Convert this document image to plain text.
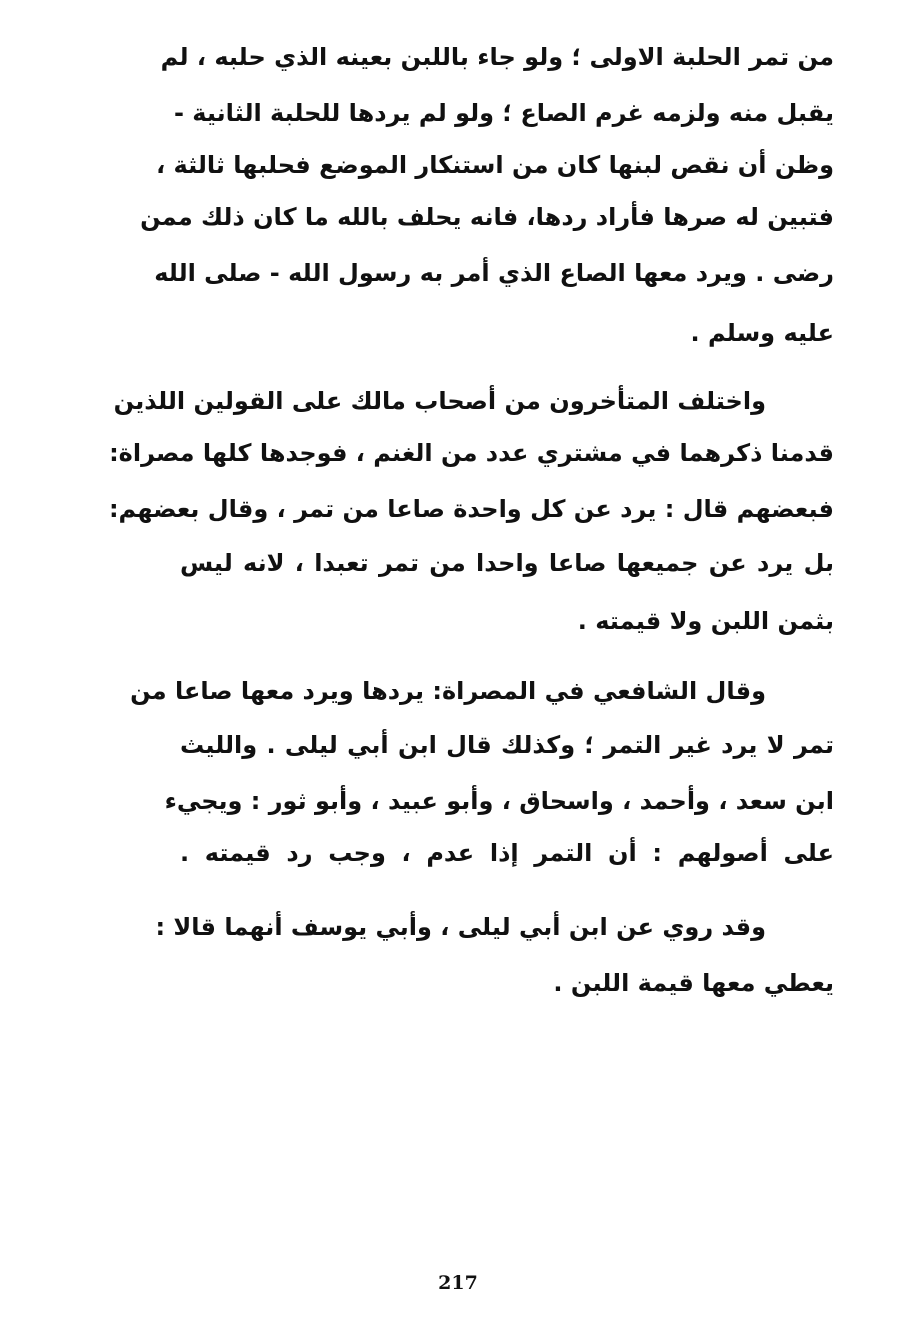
من تمر الحلبة الاولى ؛ ولو جاء باللبن بعينه الذي حلبه ، لم
يقبل منه ولزمه غرم الصاع ؛ ولو لم يردها للحلبة الثانية -
وظن أن نقص لبنها كان من استنكار الموضع فحلبها ثالثة ،
فتبين له صرها فأراد ردها، فانه يحلف بالله ما كان ذلك ممن
رضى . ويرد معها الصاع الذي أمر به رسول الله - صلى الله
عليه وسلم .
واختلف المتأخرون من أصحاب مالك على القولين اللذين
قدمنا ذكرهما في مشتري عدد من الغنم ، فوجدها كلها مصراة:
فبعضهم قال : يرد عن كل واحدة صاعا من تمر ، وقال بعضهم:
بل يرد عن جميعها صاعا واحدا من تمر تعبدا ، لانه ليس
بثمن اللبن ولا قيمته .
وقال الشافعي في المصراة: يردها ويرد معها صاعا من
تمر لا يرد غير التمر ؛ وكذلك قال ابن أبي ليلى . والليث
ابن سعد ، وأحمد ، واسحاق ، وأبو عبيد ، وأبو ثور : ويجيء
على أصولهم : أن التمر إذا عدم ، وجب رد قيمته .
وقد روي عن ابن أبي ليلى ، وأبي يوسف أنهما قالا :
يعطي معها قيمة اللبن .
217
